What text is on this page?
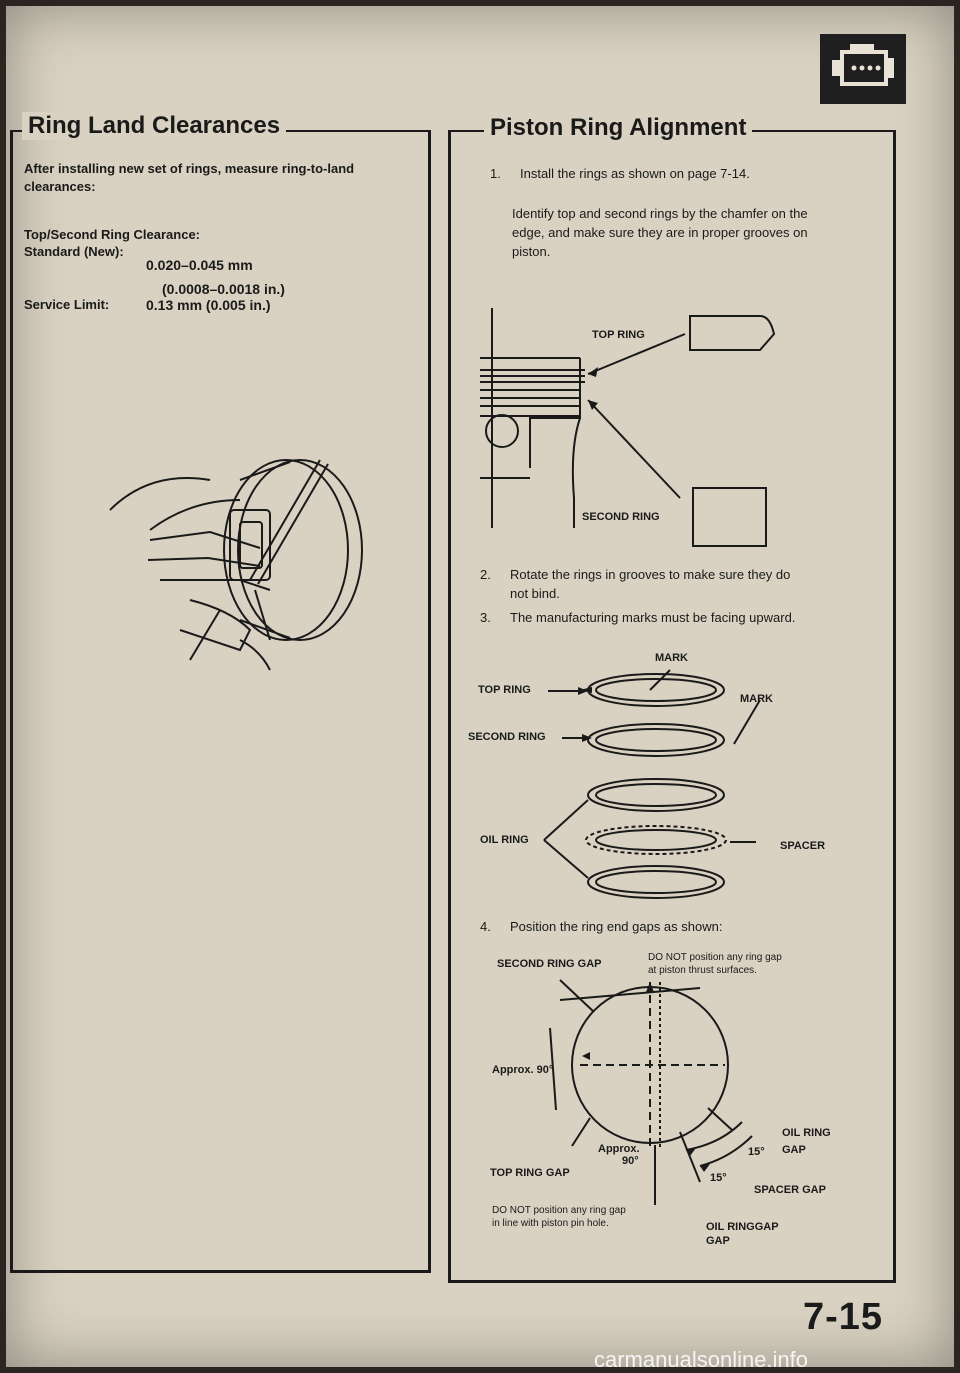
Ring Land Clearances
After installing new set of rings, measure ring-to-land clearances:
Top/Second Ring Clearance:
Standard (New):
0.020–0.045 mm
(0.0008–0.0018 in.)
Service Limit:	0.13 mm (0.005 in.)
Piston Ring Alignment
1. Install the rings as shown on page 7-14.
Identify top and second rings by the chamfer on the
edge, and make sure they are in proper grooves on
piston.
TOP RING
SECOND RING
2. Rotate the rings in grooves to make sure they do
not bind.
3. The manufacturing marks must be facing upward.
MARK
MARK
TOP RING
SECOND RING
OIL RING	SPACER
4. Position the ring end gaps as shown:
SECOND RING GAP
DO NOT position any ring gap
at piston thrust surfaces.
Approx. 90°
Approx.
90°
TOP RING GAP
OIL RING
GAP
15°
15°
SPACER GAP
DO NOT position any ring gap
in line with piston pin hole.	OIL RINGGAP
GAP
7-15
carmanualsonline.info
